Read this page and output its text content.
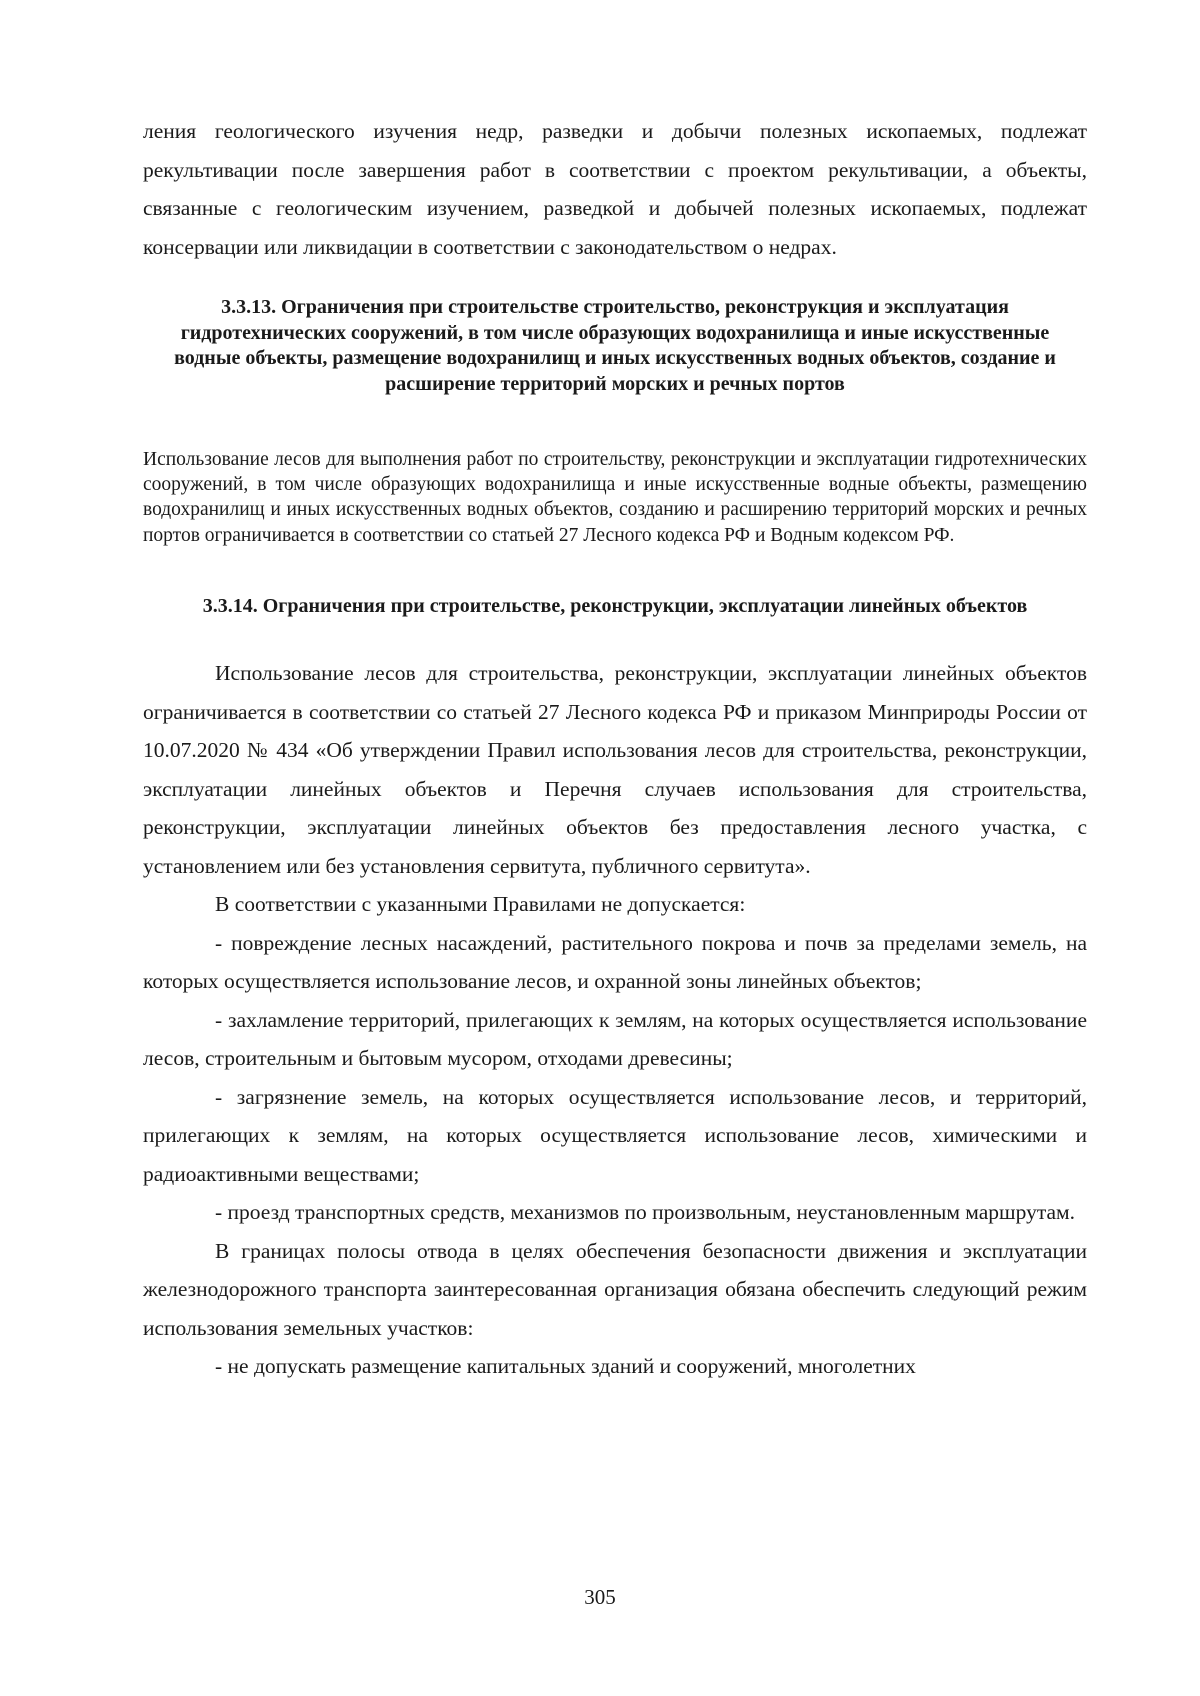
ления геологического изучения недр, разведки и добычи полезных ископаемых, подлежат рекультивации после завершения работ в соответствии с проектом рекультивации, а объекты, связанные с геологическим изучением, разведкой и добычей полезных ископаемых, подлежат консервации или ликвидации в соответствии с законодательством о недрах.

3.3.13. Ограничения при строительстве строительство, реконструкция и эксплуатация гидротехнических сооружений, в том числе образующих водохранилища и иные искусственные водные объекты, размещение водохранилищ и иных искусственных водных объектов, создание и расширение территорий морских и речных портов

Использование лесов для выполнения работ по строительству, реконструкции и эксплуатации гидротехнических сооружений, в том числе образующих водохранилища и иные искусственные водные объекты, размещению водохранилищ и иных искусственных водных объектов, созданию и расширению территорий морских и речных портов ограничивается в соответствии со статьей 27 Лесного кодекса РФ и Водным кодексом РФ.

3.3.14. Ограничения при строительстве, реконструкции, эксплуатации линейных объектов

Использование лесов для строительства, реконструкции, эксплуатации линейных объектов ограничивается в соответствии со статьей 27 Лесного кодекса РФ и приказом Минприроды России от 10.07.2020 № 434 «Об утверждении Правил использования лесов для строительства, реконструкции, эксплуатации линейных объектов и Перечня случаев использования для строительства, реконструкции, эксплуатации линейных объектов без предоставления лесного участка, с установлением или без установления сервитута, публичного сервитута».

В соответствии с указанными Правилами не допускается:

- повреждение лесных насаждений, растительного покрова и почв за пределами земель, на которых осуществляется использование лесов, и охранной зоны линейных объектов;

- захламление территорий, прилегающих к землям, на которых осуществляется использование лесов, строительным и бытовым мусором, отходами древесины;

- загрязнение земель, на которых осуществляется использование лесов, и территорий, прилегающих к землям, на которых осуществляется использование лесов, химическими и радиоактивными веществами;

- проезд транспортных средств, механизмов по произвольным, неустановленным маршрутам.

В границах полосы отвода в целях обеспечения безопасности движения и эксплуатации железнодорожного транспорта заинтересованная организация обязана обеспечить следующий режим использования земельных участков:

- не допускать размещение капитальных зданий и сооружений, многолетних

305
